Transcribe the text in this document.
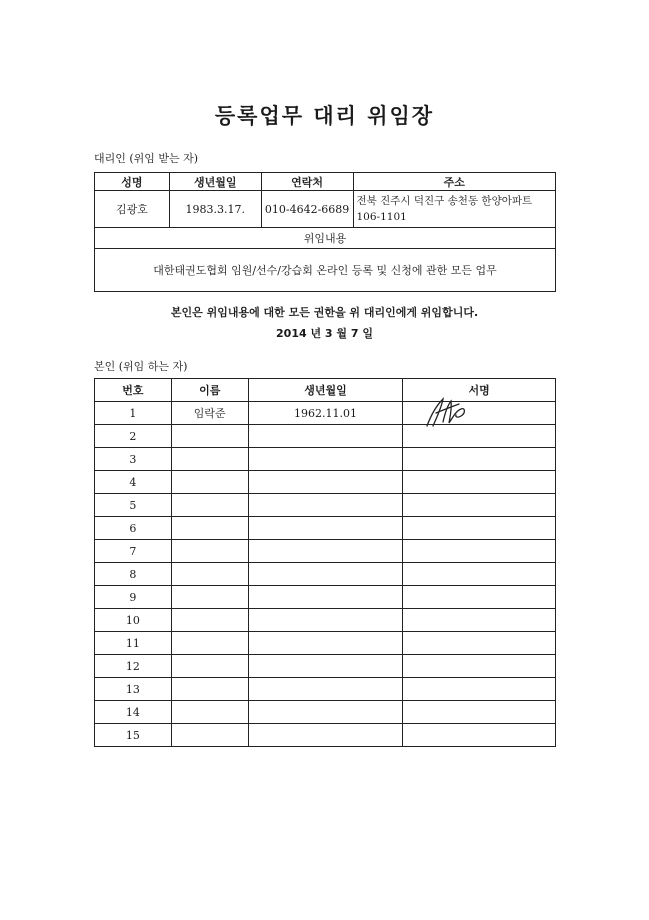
등록업무 대리 위임장
대리인 (위임 받는 자)
성명	생년월일	연락처	주소
김광호	1983.3.17.	010-4642-6689	전북 진주시 덕진구 송천동 한양아파트
106-1101

위임내용			
대한태권도협회 임원/선수/강습회 온라인 등록 및 신청에 관한 모든 업무			
본인은 위임내용에 대한 모든 권한을 위 대리인에게 위임합니다.
2014 년 3 월 7 일
본인 (위임 하는 자)
번호	이름	생년월일	서명
1	임락준	1962.11.01	

2			
3			
4			
5			
6			
7			
8			
9			
10			
11			
12			
13			
14			
15			
